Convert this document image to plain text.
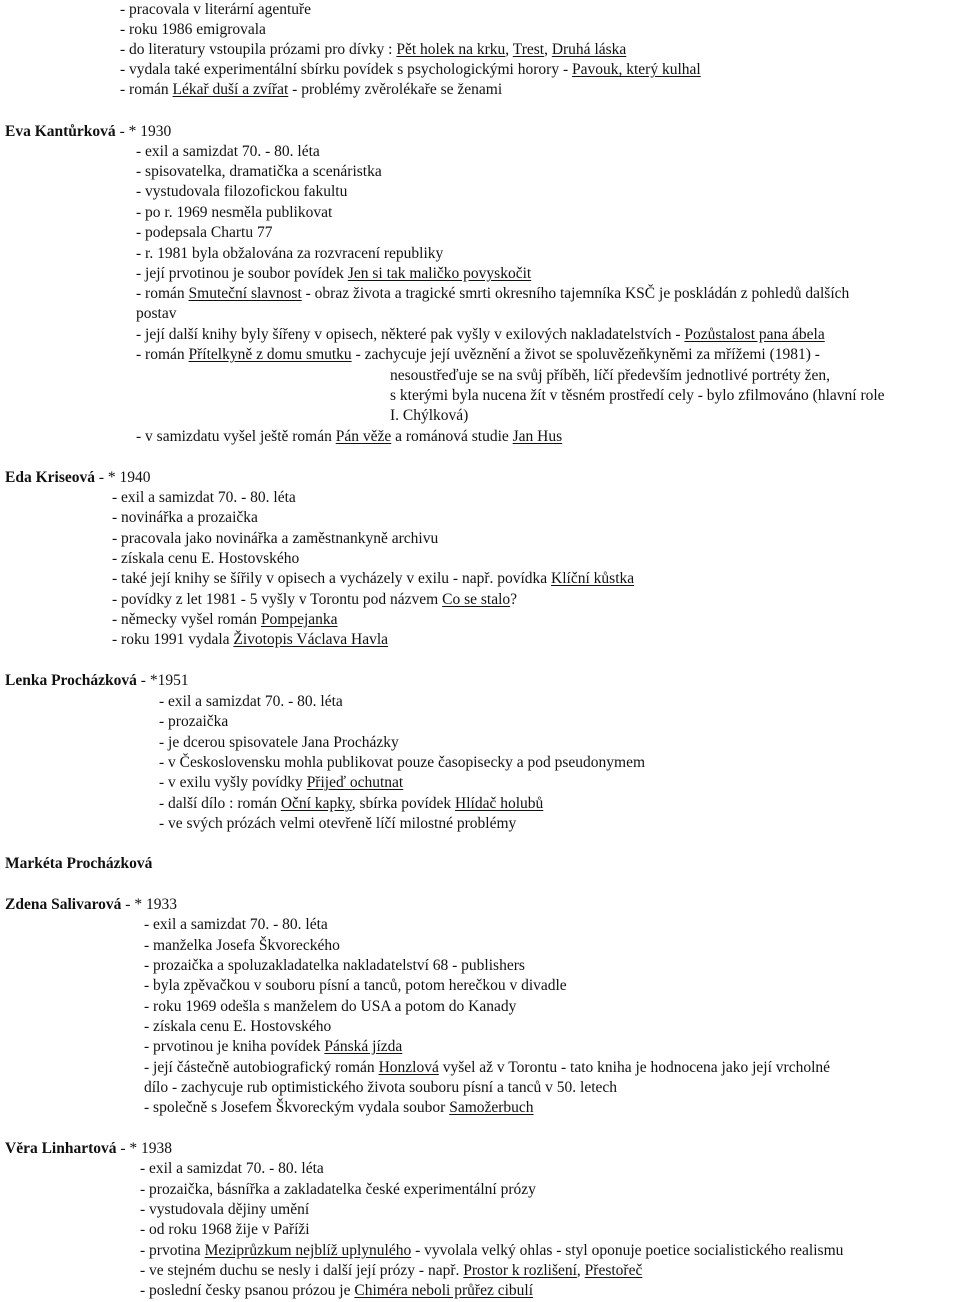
- pracovala v literární agentuře
- roku 1986 emigrovala
- do literatury vstoupila prózami pro dívky : Pět holek na krku, Trest, Druhá láska
- vydala také experimentální sbírku povídek s psychologickými horory - Pavouk, který kulhal
- román Lékař duší a zvířat - problémy zvěrolékaře se ženami
Eva Kantůrková - * 1930
- exil a samizdat 70. - 80. léta
- spisovatelka, dramatička a scenáristka
- vystudovala filozofickou fakultu
- po r. 1969 nesměla publikovat
- podepsala Chartu 77
- r. 1981 byla obžalována za rozvracení republiky
- její prvotinou je soubor povídek Jen si tak maličko povyskočit
- román Smuteční slavnost - obraz života a tragické smrti okresního tajemníka KSČ je poskládán z pohledů dalších
postav
- její další knihy byly šířeny v opisech, některé pak vyšly v exilových nakladatelstvích - Pozůstalost pana ábela
- román Přítelkyně z domu smutku - zachycuje její uvěznění a život se spoluvězeňkyněmi za mřížemi (1981) -
nesoustřeďuje se na svůj příběh, líčí především jednotlivé portréty žen,
s kterými byla nucena žít v těsném prostředí cely - bylo zfilmováno (hlavní role
I. Chýlková)
- v samizdatu vyšel ještě román Pán věže a románová studie Jan Hus
Eda Kriseová - * 1940
- exil a samizdat 70. - 80. léta
- novinářka a prozaička
- pracovala jako novinářka a zaměstnankyně archivu
- získala cenu E. Hostovského
- také její knihy se šířily v opisech a vycházely v exilu - např. povídka Klíční kůstka
- povídky z let 1981 - 5 vyšly v Torontu pod názvem Co se stalo?
- německy vyšel román Pompejanka
- roku 1991 vydala Životopis Václava Havla
Lenka Procházková - *1951
- exil a samizdat 70. - 80. léta
- prozaička
- je dcerou spisovatele Jana Procházky
- v Československu mohla publikovat pouze časopisecky a pod pseudonymem
- v exilu vyšly povídky Přijeď ochutnat
- další dílo : román Oční kapky, sbírka povídek Hlídač holubů
- ve svých prózách velmi otevřeně líčí milostné problémy
Markéta Procházková
Zdena Salivarová - * 1933
- exil a samizdat 70. - 80. léta
- manželka Josefa Škvoreckého
- prozaička a spoluzakladatelka nakladatelství 68 - publishers
- byla zpěvačkou v souboru písní a tanců, potom herečkou v divadle
- roku 1969 odešla s manželem do USA a potom do Kanady
- získala cenu E. Hostovského
- prvotinou je kniha povídek Pánská jízda
- její částečně autobiografický román Honzlová vyšel až v Torontu - tato kniha je hodnocena jako její vrcholné
dílo - zachycuje rub optimistického života souboru písní a tanců v 50. letech
- společně s Josefem Škvoreckým vydala soubor Samožerbuch
Věra Linhartová - * 1938
- exil a samizdat 70. - 80. léta
- prozaička, básnířka a zakladatelka české experimentální prózy
- vystudovala dějiny umění
- od roku 1968 žije v Paříži
- prvotina Meziprůzkum nejblíž uplynulého - vyvolala velký ohlas - styl oponuje poetice socialistického realismu
- ve stejném duchu se nesly i další její prózy - např. Prostor k rozlišení, Přestořeč
- poslední česky psanou prózou je Chiméra neboli průřez cibulí
